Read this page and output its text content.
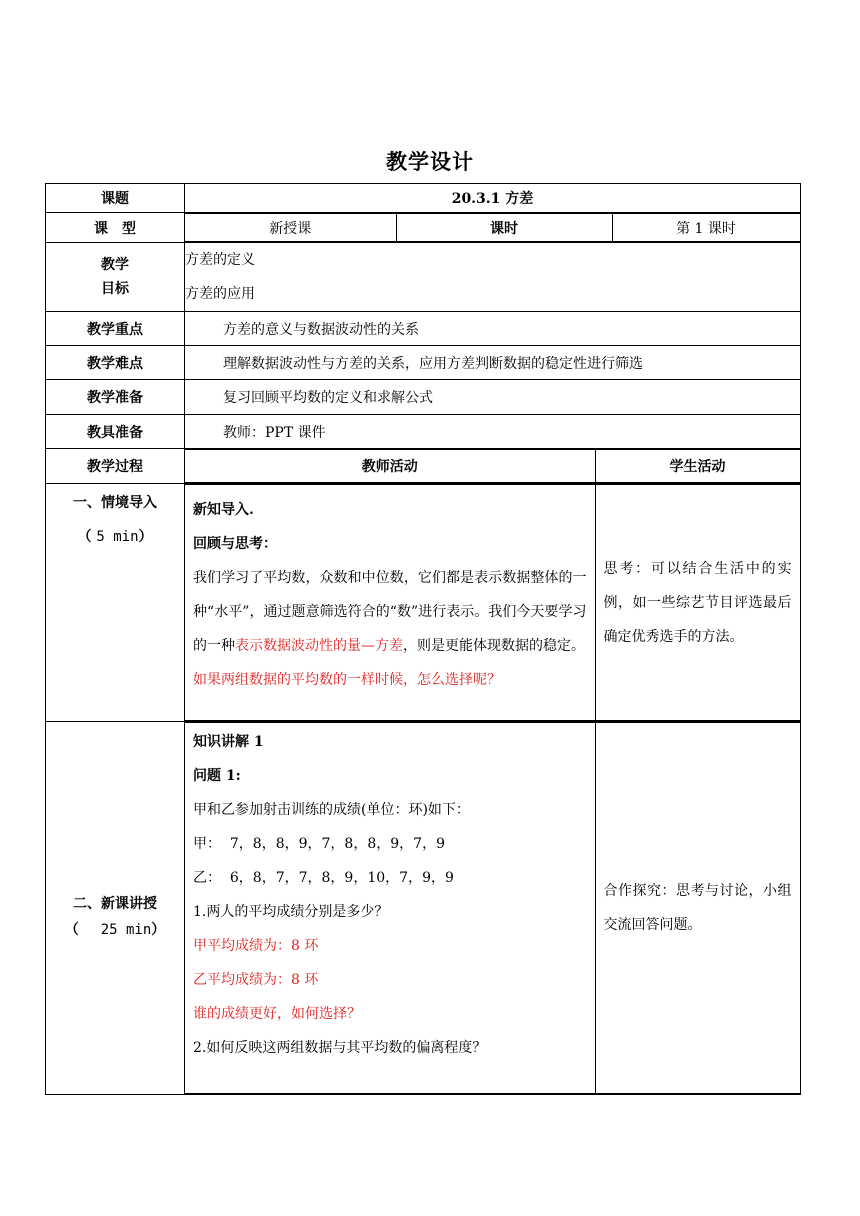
教学设计
课题	20.3.1 方差
课　型		新授课	课时	第 1 课时

教学
目标

方差的定义
方差的应用

教学重点	方差的意义与数据波动性的关系
教学难点	理解数据波动性与方差的关系，应用方差判断数据的稳定性进行筛选
教学准备	复习回顾平均数的定义和求解公式
教具准备	教师：PPT 课件
教学过程		教师活动	学生活动

一、情境导入
（ 5 min）

新知导入.
回顾与思考：
我们学习了平均数，众数和中位数，它们都是表示数据整体的一种“水平”，通过题意筛选符合的“数”进行表示。我们今天要学习的一种表示数据波动性的量—方差，则是更能体现数据的稳定。
如果两组数据的平均数的一样时候，怎么选择呢？
	思考：可以结合生活中的实例，如一些综艺节目评选最后确定优秀选手的方法。

二、新课讲授
（ 25 min）

知识讲解 1
问题 1:
甲和乙参加射击训练的成绩(单位：环)如下：
甲：  7，8，8，9，7，8，8，9，7，9
乙：  6，8，7，7，8，9，10，7，9，9
1.两人的平均成绩分别是多少？
甲平均成绩为：8 环
乙平均成绩为：8 环
谁的成绩更好，如何选择？
2.如何反映这两组数据与其平均数的偏离程度？
	合作探究：思考与讨论，小组交流回答问题。
